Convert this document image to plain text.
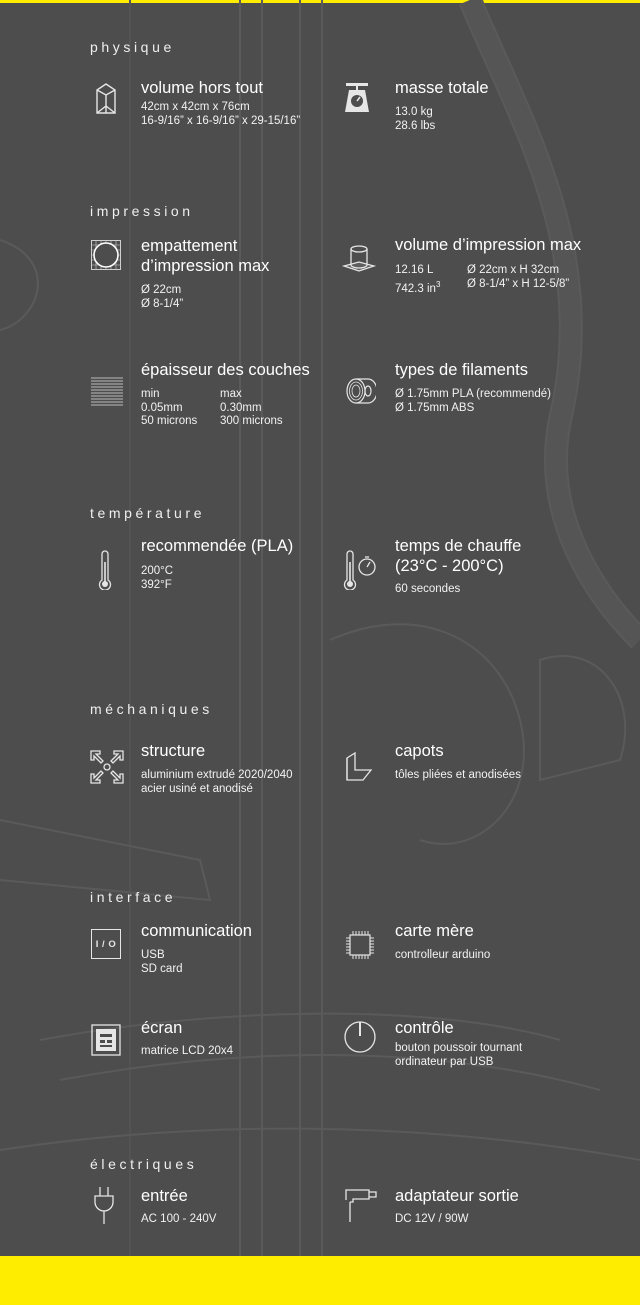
physique
volume hors tout
42cm x 42cm x 76cm
16-9/16” x 16-9/16” x 29-15/16”
masse totale
13.0 kg
28.6 lbs
impression
empattement
d’impression max
Ø 22cm
Ø 8-1/4”
volume d’impression max
12.16 L
742.3 $in^3$
Ø 22cm x H 32cm
Ø 8-1/4” x H 12-5/8”
épaisseur des couches
min
0.05mm
50 microns
max
0.30mm
300 microns
types de filaments
Ø 1.75mm PLA (recommendé)
Ø 1.75mm ABS
température
recommendée (PLA)
200°C
392°F
temps de chauffe
(23°C - 200°C)
60 secondes
méchaniques
structure
aluminium extrudé 2020/2040
acier usiné et anodisé
capots
tôles pliées et anodisées
interface
I / O
communication
USB
SD card
carte mère
controlleur arduino
écran
matrice LCD 20x4
contrôle
bouton poussoir tournant
ordinateur par USB
électriques
entrée
AC 100 - 240V
adaptateur sortie
DC 12V / 90W
